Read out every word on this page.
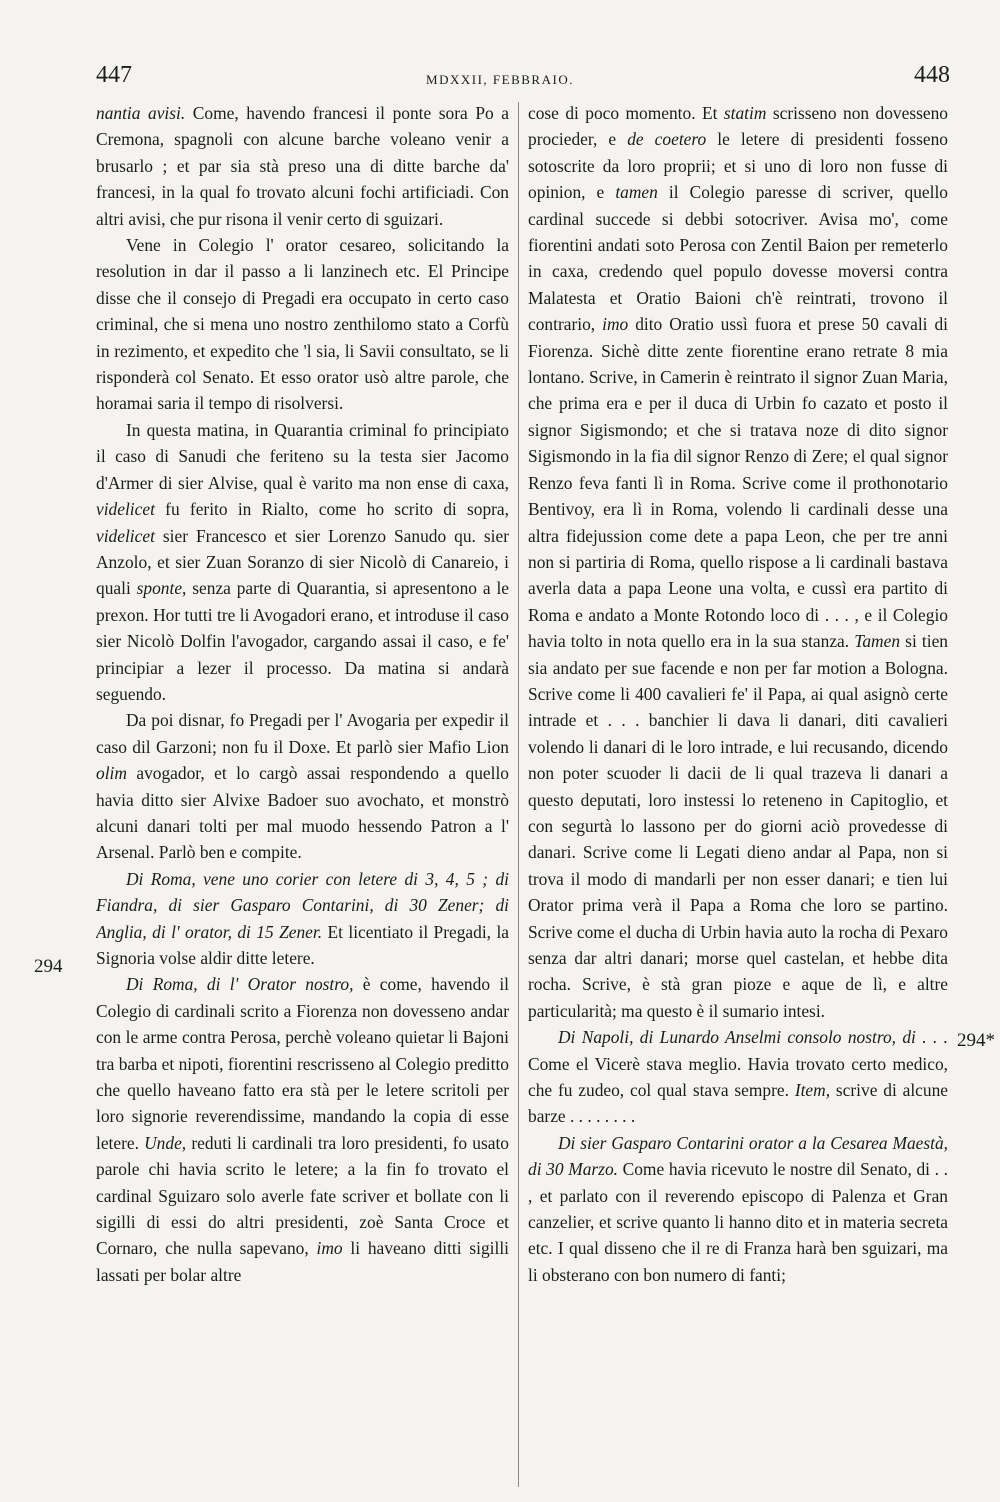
447	MDXXII, FEBBRAIO.	448
294
294*

nantia avisi. Come, havendo francesi il ponte sora Po a Cremona, spagnoli con alcune barche voleano venir a brusarlo ; et par sia stà preso una di ditte barche da' francesi, in la qual fo trovato alcuni fochi artificiadi. Con altri avisi, che pur risona il venir certo di sguizari.

Vene in Colegio l' orator cesareo, solicitando la resolution in dar il passo a li lanzinech etc. El Principe disse che il consejo di Pregadi era occupato in certo caso criminal, che si mena uno nostro zenthilomo stato a Corfù in rezimento, et expedito che 'l sia, li Savii consultato, se li risponderà col Senato. Et esso orator usò altre parole, che horamai saria il tempo di risolversi.

In questa matina, in Quarantia criminal fo principiato il caso di Sanudi che feriteno su la testa sier Jacomo d'Armer di sier Alvise, qual è varito ma non ense di caxa, videlicet fu ferito in Rialto, come ho scrito di sopra, videlicet sier Francesco et sier Lorenzo Sanudo qu. sier Anzolo, et sier Zuan Soranzo di sier Nicolò di Canareio, i quali sponte, senza parte di Quarantia, si apresentono a le prexon. Hor tutti tre li Avogadori erano, et introduse il caso sier Nicolò Dolfin l'avogador, cargando assai il caso, e fe' principiar a lezer il processo. Da matina si andarà seguendo.

Da poi disnar, fo Pregadi per l' Avogaria per expedir il caso dil Garzoni; non fu il Doxe. Et parlò sier Mafio Lion olim avogador, et lo cargò assai respondendo a quello havia ditto sier Alvixe Badoer suo avochato, et monstrò alcuni danari tolti per mal muodo hessendo Patron a l' Arsenal. Parlò ben e compite.

Di Roma, vene uno corier con letere di 3, 4, 5 ; di Fiandra, di sier Gasparo Contarini, di 30 Zener; di Anglia, di l' orator, di 15 Zener. Et licentiato il Pregadi, la Signoria volse aldir ditte letere.

Di Roma, di l' Orator nostro, è come, havendo il Colegio di cardinali scrito a Fiorenza non dovesseno andar con le arme contra Perosa, perchè voleano quietar li Bajoni tra barba et nipoti, fiorentini rescrisseno al Colegio preditto che quello haveano fatto era stà per le letere scritoli per loro signorie reverendissime, mandando la copia di esse letere. Unde, reduti li cardinali tra loro presidenti, fo usato parole chi havia scrito le letere; a la fin fo trovato el cardinal Sguizaro solo averle fate scriver et bollate con li sigilli di essi do altri presidenti, zoè Santa Croce et Cornaro, che nulla sapevano, imo li haveano ditti sigilli lassati per bolar altre

cose di poco momento. Et statim scrisseno non dovesseno procieder, e de coetero le letere di presidenti fosseno sotoscrite da loro proprii; et si uno di loro non fusse di opinion, e tamen il Colegio paresse di scriver, quello cardinal succede si debbi sotocriver. Avisa mo', come fiorentini andati soto Perosa con Zentil Baion per remeterlo in caxa, credendo quel populo dovesse moversi contra Malatesta et Oratio Baioni ch'è reintrati, trovono il contrario, imo dito Oratio ussì fuora et prese 50 cavali di Fiorenza. Sichè ditte zente fiorentine erano retrate 8 mia lontano. Scrive, in Camerin è reintrato il signor Zuan Maria, che prima era e per il duca di Urbin fo cazato et posto il signor Sigismondo; et che si tratava noze di dito signor Sigismondo in la fia dil signor Renzo di Zere; el qual signor Renzo feva fanti lì in Roma. Scrive come il prothonotario Bentivoy, era lì in Roma, volendo li cardinali desse una altra fidejussion come dete a papa Leon, che per tre anni non si partiria di Roma, quello rispose a li cardinali bastava averla data a papa Leone una volta, e cussì era partito di Roma e andato a Monte Rotondo loco di . . . , e il Colegio havia tolto in nota quello era in la sua stanza. Tamen si tien sia andato per sue facende e non per far motion a Bologna. Scrive come li 400 cavalieri fe' il Papa, ai qual asignò certe intrade et . . . banchier li dava li danari, diti cavalieri volendo li danari di le loro intrade, e lui recusando, dicendo non poter scuoder li dacii de li qual trazeva li danari a questo deputati, loro instessi lo reteneno in Capitoglio, et con segurtà lo lassono per do giorni aciò provedesse di danari. Scrive come li Legati dieno andar al Papa, non si trova il modo di mandarli per non esser danari; e tien lui Orator prima verà il Papa a Roma che loro se partino. Scrive come el ducha di Urbin havia auto la rocha di Pexaro senza dar altri danari; morse quel castelan, et hebbe dita rocha. Scrive, è stà gran pioze e aque de lì, e altre particularità; ma questo è il sumario intesi.

Di Napoli, di Lunardo Anselmi consolo nostro, di . . . Come el Vicerè stava meglio. Havia trovato certo medico, che fu zudeo, col qual stava sempre. Item, scrive di alcune barze . . . . . . . .

Di sier Gasparo Contarini orator a la Cesarea Maestà, di 30 Marzo. Come havia ricevuto le nostre dil Senato, di . . , et parlato con il reverendo episcopo di Palenza et Gran canzelier, et scrive quanto li hanno dito et in materia secreta etc. I qual disseno che il re di Franza harà ben sguizari, ma li obsterano con bon numero di fanti;
